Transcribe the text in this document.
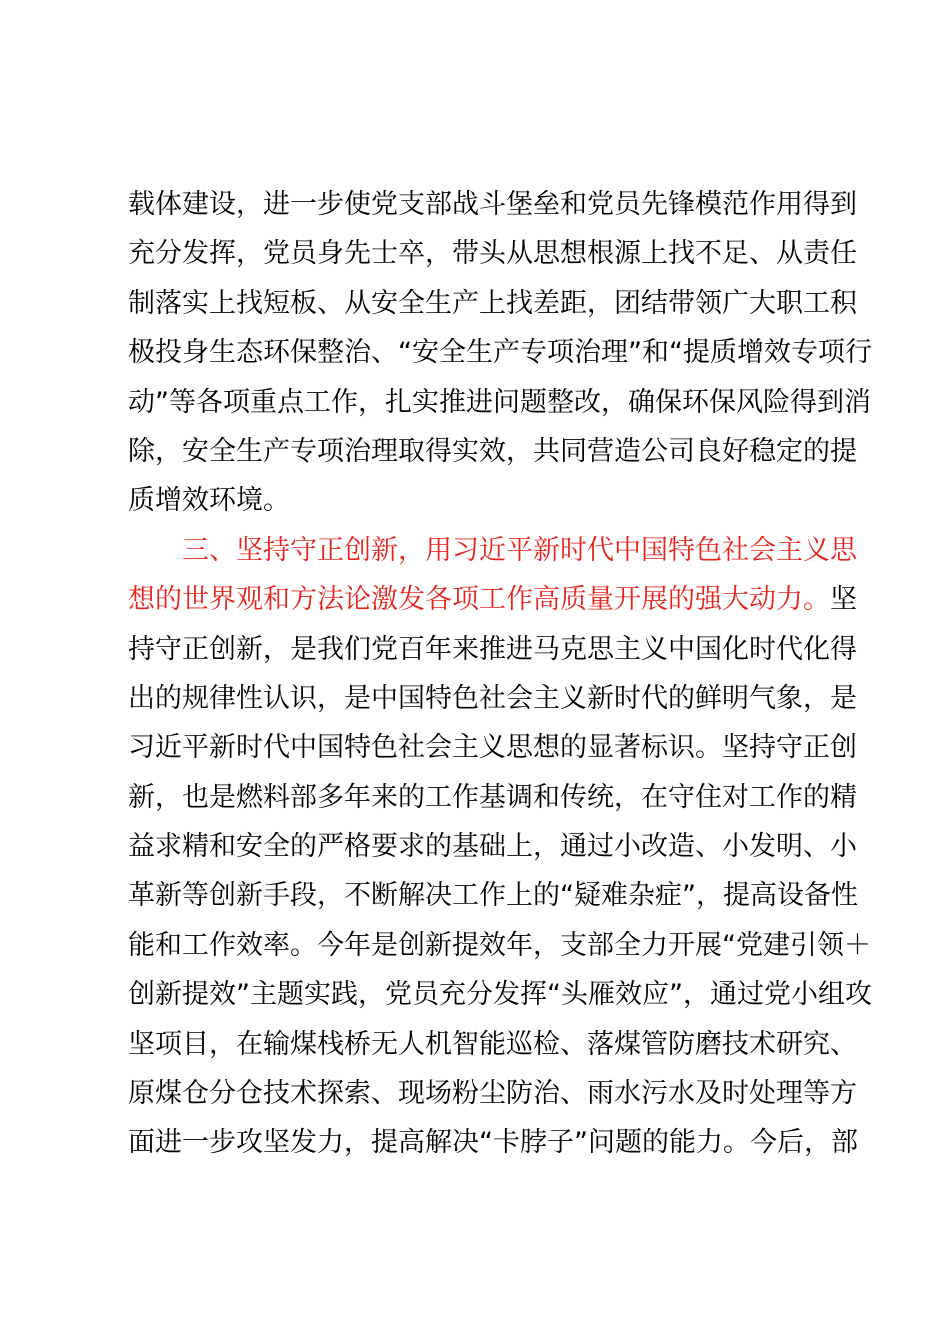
载体建设，进一步使党支部战斗堡垒和党员先锋模范作用得到
充分发挥，党员身先士卒，带头从思想根源上找不足、从责任
制落实上找短板、从安全生产上找差距，团结带领广大职工积
极投身生态环保整治、“安全生产专项治理”和“提质增效专项行
动”等各项重点工作，扎实推进问题整改，确保环保风险得到消
除，安全生产专项治理取得实效，共同营造公司良好稳定的提
质增效环境。
三、坚持守正创新，用习近平新时代中国特色社会主义思
想的世界观和方法论激发各项工作高质量开展的强大动力。坚
持守正创新，是我们党百年来推进马克思主义中国化时代化得
出的规律性认识，是中国特色社会主义新时代的鲜明气象，是
习近平新时代中国特色社会主义思想的显著标识。坚持守正创
新，也是燃料部多年来的工作基调和传统，在守住对工作的精
益求精和安全的严格要求的基础上，通过小改造、小发明、小
革新等创新手段，不断解决工作上的“疑难杂症”，提高设备性
能和工作效率。今年是创新提效年，支部全力开展“党建引领＋
创新提效”主题实践，党员充分发挥“头雁效应”，通过党小组攻
坚项目，在输煤栈桥无人机智能巡检、落煤管防磨技术研究、
原煤仓分仓技术探索、现场粉尘防治、雨水污水及时处理等方
面进一步攻坚发力，提高解决“卡脖子”问题的能力。今后，部
